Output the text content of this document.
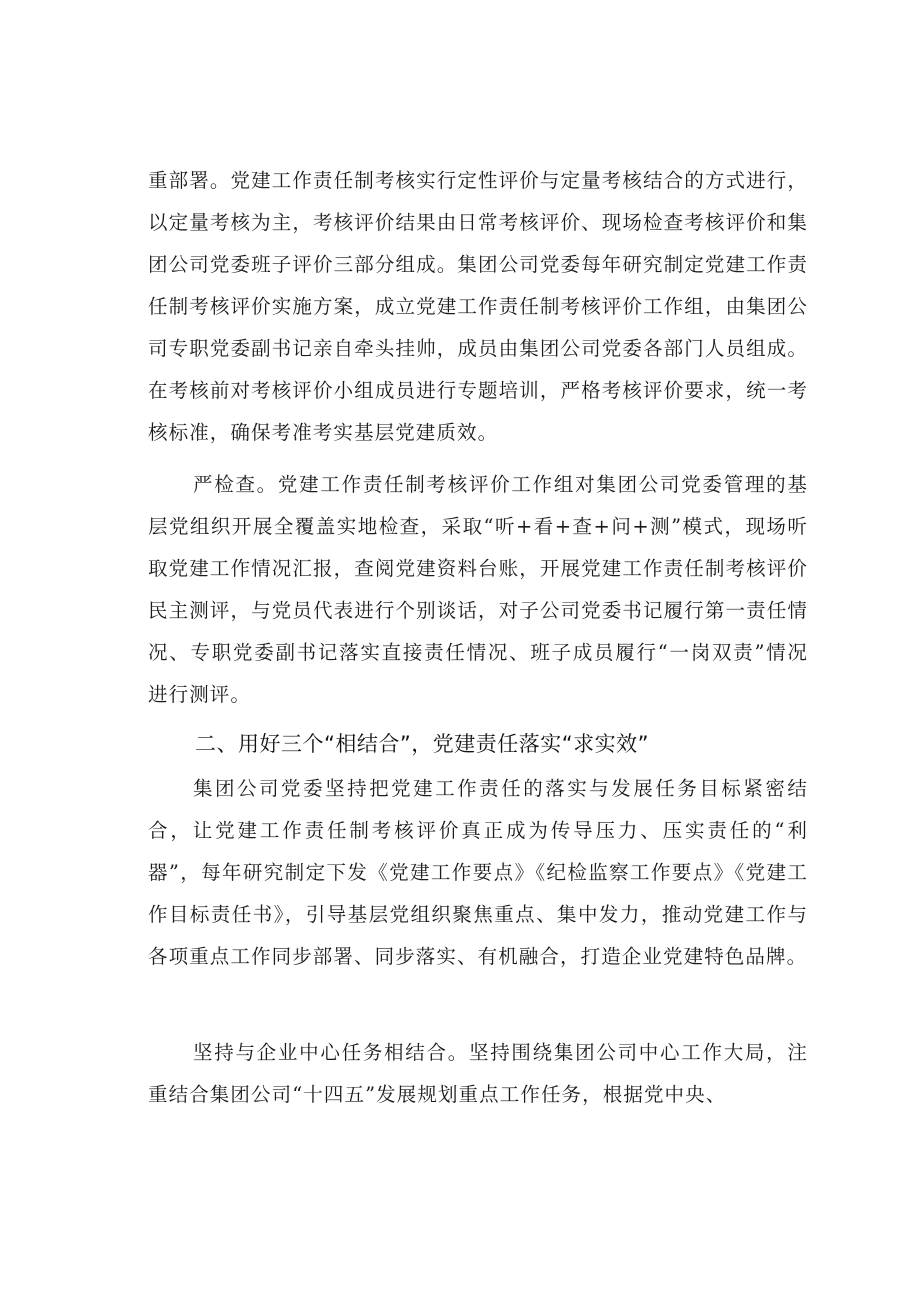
重部署。党建工作责任制考核实行定性评价与定量考核结合的方式进行，以定量考核为主，考核评价结果由日常考核评价、现场检查考核评价和集团公司党委班子评价三部分组成。集团公司党委每年研究制定党建工作责任制考核评价实施方案，成立党建工作责任制考核评价工作组，由集团公司专职党委副书记亲自牵头挂帅，成员由集团公司党委各部门人员组成。在考核前对考核评价小组成员进行专题培训，严格考核评价要求，统一考核标准，确保考准考实基层党建质效。

严检查。党建工作责任制考核评价工作组对集团公司党委管理的基层党组织开展全覆盖实地检查，采取“听+看+查+问+测”模式，现场听取党建工作情况汇报，查阅党建资料台账，开展党建工作责任制考核评价民主测评，与党员代表进行个别谈话，对子公司党委书记履行第一责任情况、专职党委副书记落实直接责任情况、班子成员履行“一岗双责”情况进行测评。

二、用好三个“相结合”，党建责任落实“求实效”

集团公司党委坚持把党建工作责任的落实与发展任务目标紧密结合，让党建工作责任制考核评价真正成为传导压力、压实责任的“利器”，每年研究制定下发《党建工作要点》《纪检监察工作要点》《党建工作目标责任书》，引导基层党组织聚焦重点、集中发力，推动党建工作与各项重点工作同步部署、同步落实、有机融合，打造企业党建特色品牌。

坚持与企业中心任务相结合。坚持围绕集团公司中心工作大局，注重结合集团公司“十四五”发展规划重点工作任务，根据党中央、
